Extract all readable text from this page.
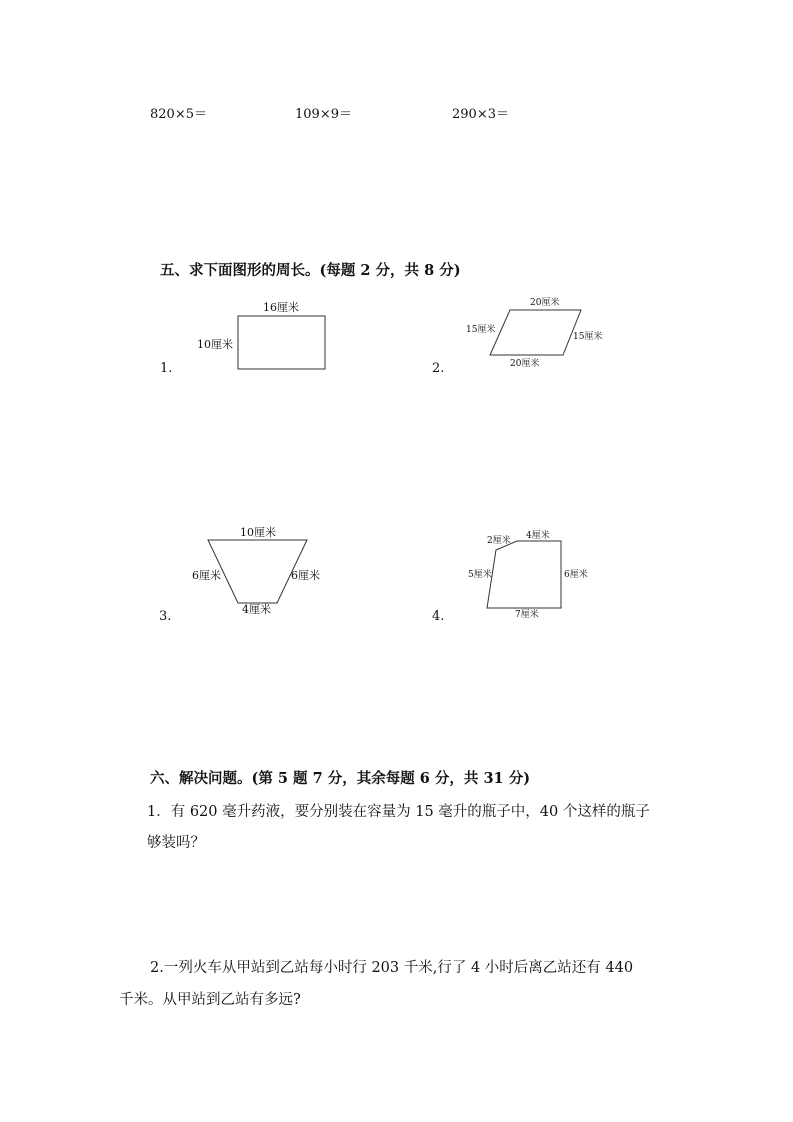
820×5＝	109×9＝	290×3＝
五、求下面图形的周长。(每题 2 分，共 8 分)
16厘米
10厘米
1.
20厘米
15厘米
15厘米
20厘米
2.
10厘米
6厘米	6厘米
4厘米
3.
2厘米 4厘米
5厘米	6厘米
7厘米
4.
六、解决问题。(第 5 题 7 分，其余每题 6 分，共 31 分)
1．有 620 毫升药液，要分别装在容量为 15 毫升的瓶子中，40 个这样的瓶子
够装吗？
2.一列火车从甲站到乙站每小时行 203 千米,行了 4 小时后离乙站还有 440
千米。从甲站到乙站有多远?
